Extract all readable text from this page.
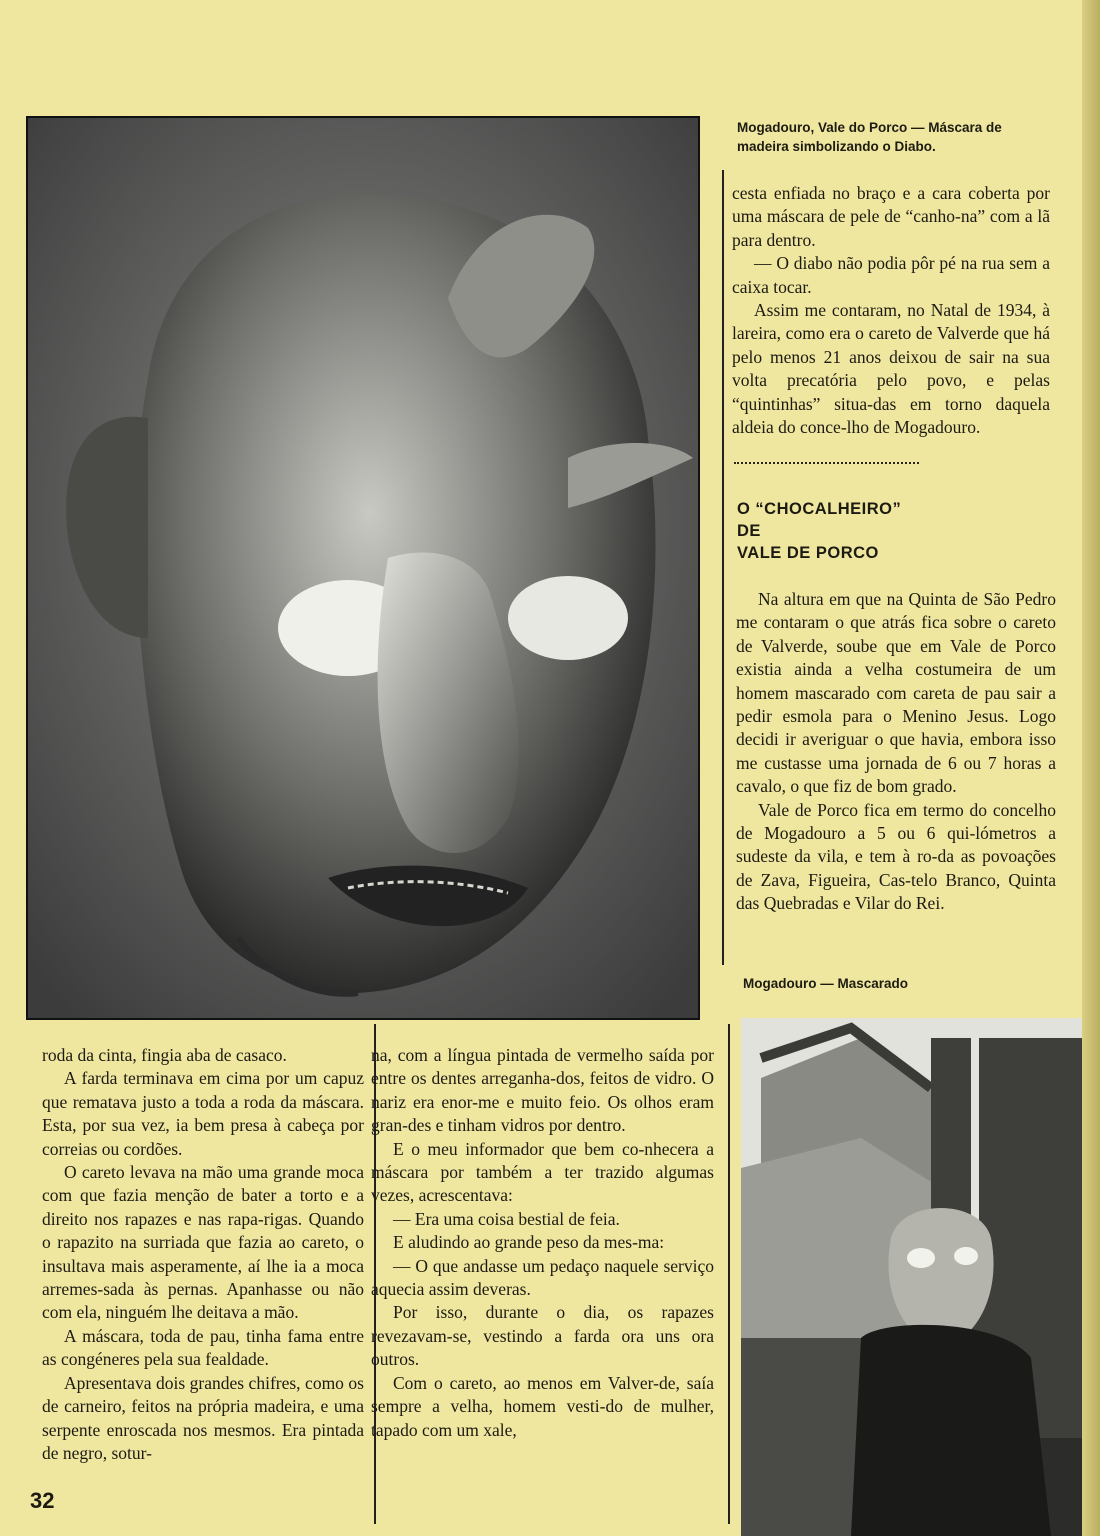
Mogadouro, Vale do Porco — Máscara de madeira simbolizando o Diabo.

cesta enfiada no braço e a cara coberta por uma máscara de pele de “canho-na” com a lã para dentro.

— O diabo não podia pôr pé na rua sem a caixa tocar.

Assim me contaram, no Natal de 1934, à lareira, como era o careto de Valverde que há pelo menos 21 anos deixou de sair na sua volta precatória pelo povo, e pelas “quintinhas” situa-das em torno daquela aldeia do conce-lho de Mogadouro.

O “CHOCALHEIRO”
DE
VALE DE PORCO

Na altura em que na Quinta de São Pedro me contaram o que atrás fica sobre o careto de Valverde, soube que em Vale de Porco existia ainda a velha costumeira de um homem mascarado com careta de pau sair a pedir esmola para o Menino Jesus. Logo decidi ir averiguar o que havia, embora isso me custasse uma jornada de 6 ou 7 horas a cavalo, o que fiz de bom grado.

Vale de Porco fica em termo do concelho de Mogadouro a 5 ou 6 qui-lómetros a sudeste da vila, e tem à ro-da as povoações de Zava, Figueira, Cas-telo Branco, Quinta das Quebradas e Vilar do Rei.

Mogadouro — Mascarado

roda da cinta, fingia aba de casaco.

A farda terminava em cima por um capuz que rematava justo a toda a roda da máscara. Esta, por sua vez, ia bem presa à cabeça por correias ou cordões.

O careto levava na mão uma grande moca com que fazia menção de bater a torto e a direito nos rapazes e nas rapa-rigas. Quando o rapazito na surriada que fazia ao careto, o insultava mais asperamente, aí lhe ia a moca arremes-sada às pernas. Apanhasse ou não com ela, ninguém lhe deitava a mão.

A máscara, toda de pau, tinha fama entre as congéneres pela sua fealdade.

Apresentava dois grandes chifres, como os de carneiro, feitos na própria madeira, e uma serpente enroscada nos mesmos. Era pintada de negro, sotur-

na, com a língua pintada de vermelho saída por entre os dentes arreganha-dos, feitos de vidro. O nariz era enor-me e muito feio. Os olhos eram gran-des e tinham vidros por dentro.

E o meu informador que bem co-nhecera a máscara por também a ter trazido algumas vezes, acrescentava:

— Era uma coisa bestial de feia.

E aludindo ao grande peso da mes-ma:

— O que andasse um pedaço naquele serviço aquecia assim deveras.

Por isso, durante o dia, os rapazes revezavam-se, vestindo a farda ora uns ora outros.

Com o careto, ao menos em Valver-de, saía sempre a velha, homem vesti-do de mulher, tapado com um xale,

32
